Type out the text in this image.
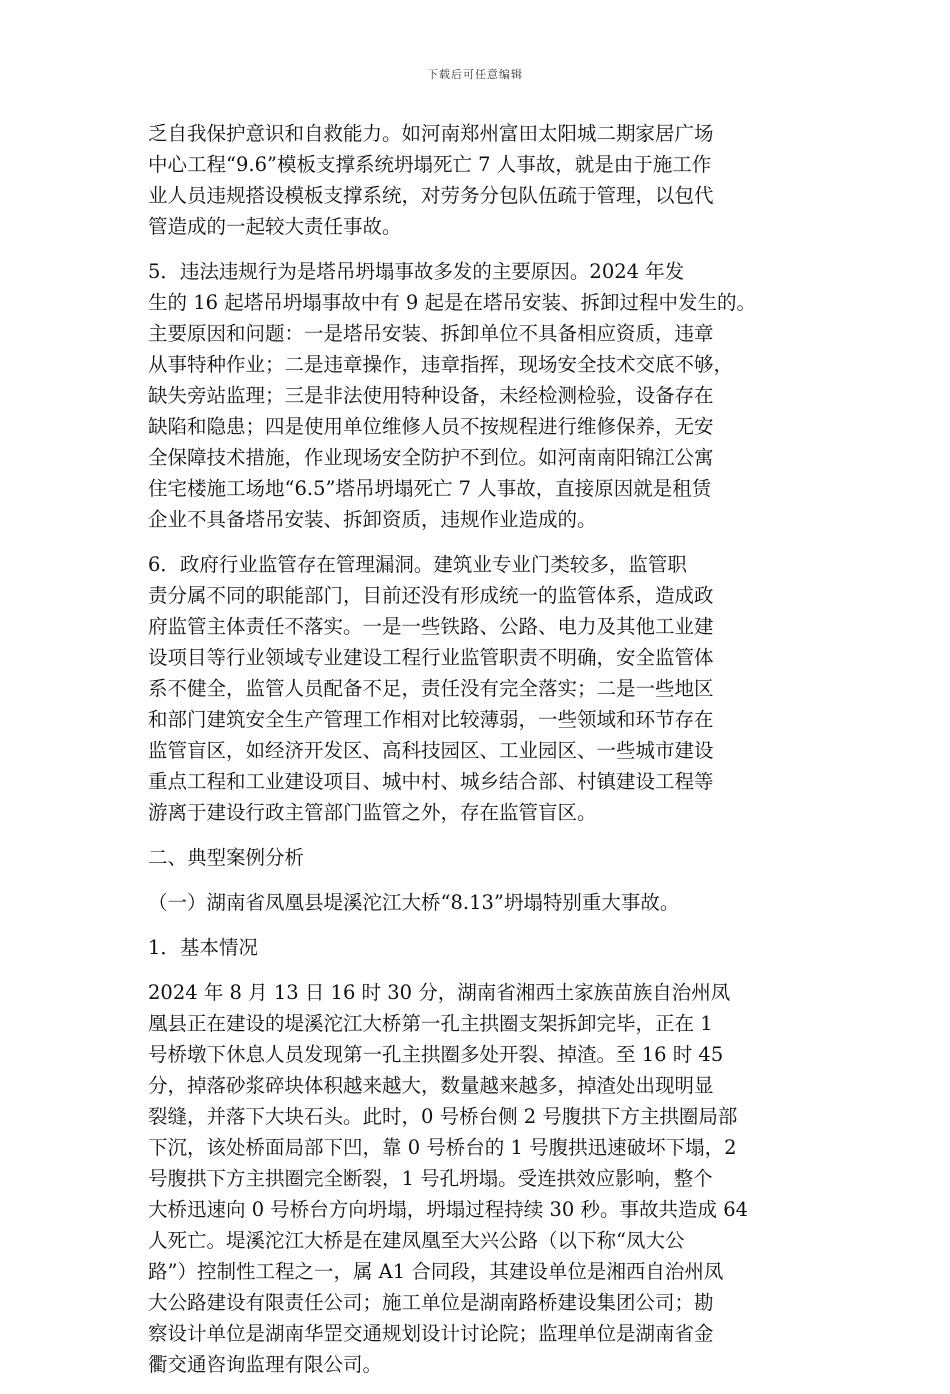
下载后可任意编辑
乏自我保护意识和自救能力。如河南郑州富田太阳城二期家居广场
中心工程“9.6”模板支撑系统坍塌死亡 7 人事故，就是由于施工作
业人员违规搭设模板支撑系统，对劳务分包队伍疏于管理，以包代
管造成的一起较大责任事故。
5．违法违规行为是塔吊坍塌事故多发的主要原因。2024 年发
生的 16 起塔吊坍塌事故中有 9 起是在塔吊安装、拆卸过程中发生的。
主要原因和问题：一是塔吊安装、拆卸单位不具备相应资质，违章
从事特种作业；二是违章操作，违章指挥，现场安全技术交底不够，
缺失旁站监理；三是非法使用特种设备，未经检测检验，设备存在
缺陷和隐患；四是使用单位维修人员不按规程进行维修保养，无安
全保障技术措施，作业现场安全防护不到位。如河南南阳锦江公寓
住宅楼施工场地“6.5”塔吊坍塌死亡 7 人事故，直接原因就是租赁
企业不具备塔吊安装、拆卸资质，违规作业造成的。
6．政府行业监管存在管理漏洞。建筑业专业门类较多，监管职
责分属不同的职能部门，目前还没有形成统一的监管体系，造成政
府监管主体责任不落实。一是一些铁路、公路、电力及其他工业建
设项目等行业领域专业建设工程行业监管职责不明确，安全监管体
系不健全，监管人员配备不足，责任没有完全落实；二是一些地区
和部门建筑安全生产管理工作相对比较薄弱，一些领域和环节存在
监管盲区，如经济开发区、高科技园区、工业园区、一些城市建设
重点工程和工业建设项目、城中村、城乡结合部、村镇建设工程等
游离于建设行政主管部门监管之外，存在监管盲区。
二、典型案例分析
（一）湖南省凤凰县堤溪沱江大桥“8.13”坍塌特别重大事故。
1．基本情况
2024 年 8 月 13 日 16 时 30 分，湖南省湘西土家族苗族自治州凤
凰县正在建设的堤溪沱江大桥第一孔主拱圈支架拆卸完毕，正在 1
号桥墩下休息人员发现第一孔主拱圈多处开裂、掉渣。至 16 时 45
分，掉落砂浆碎块体积越来越大，数量越来越多，掉渣处出现明显
裂缝，并落下大块石头。此时，0 号桥台侧 2 号腹拱下方主拱圈局部
下沉，该处桥面局部下凹，靠 0 号桥台的 1 号腹拱迅速破坏下塌，2
号腹拱下方主拱圈完全断裂，1 号孔坍塌。受连拱效应影响，整个
大桥迅速向 0 号桥台方向坍塌，坍塌过程持续 30 秒。事故共造成 64
人死亡。堤溪沱江大桥是在建凤凰至大兴公路（以下称“凤大公
路”）控制性工程之一，属 A1 合同段，其建设单位是湘西自治州凤
大公路建设有限责任公司；施工单位是湖南路桥建设集团公司；勘
察设计单位是湖南华罡交通规划设计讨论院；监理单位是湖南省金
衢交通咨询监理有限公司。
